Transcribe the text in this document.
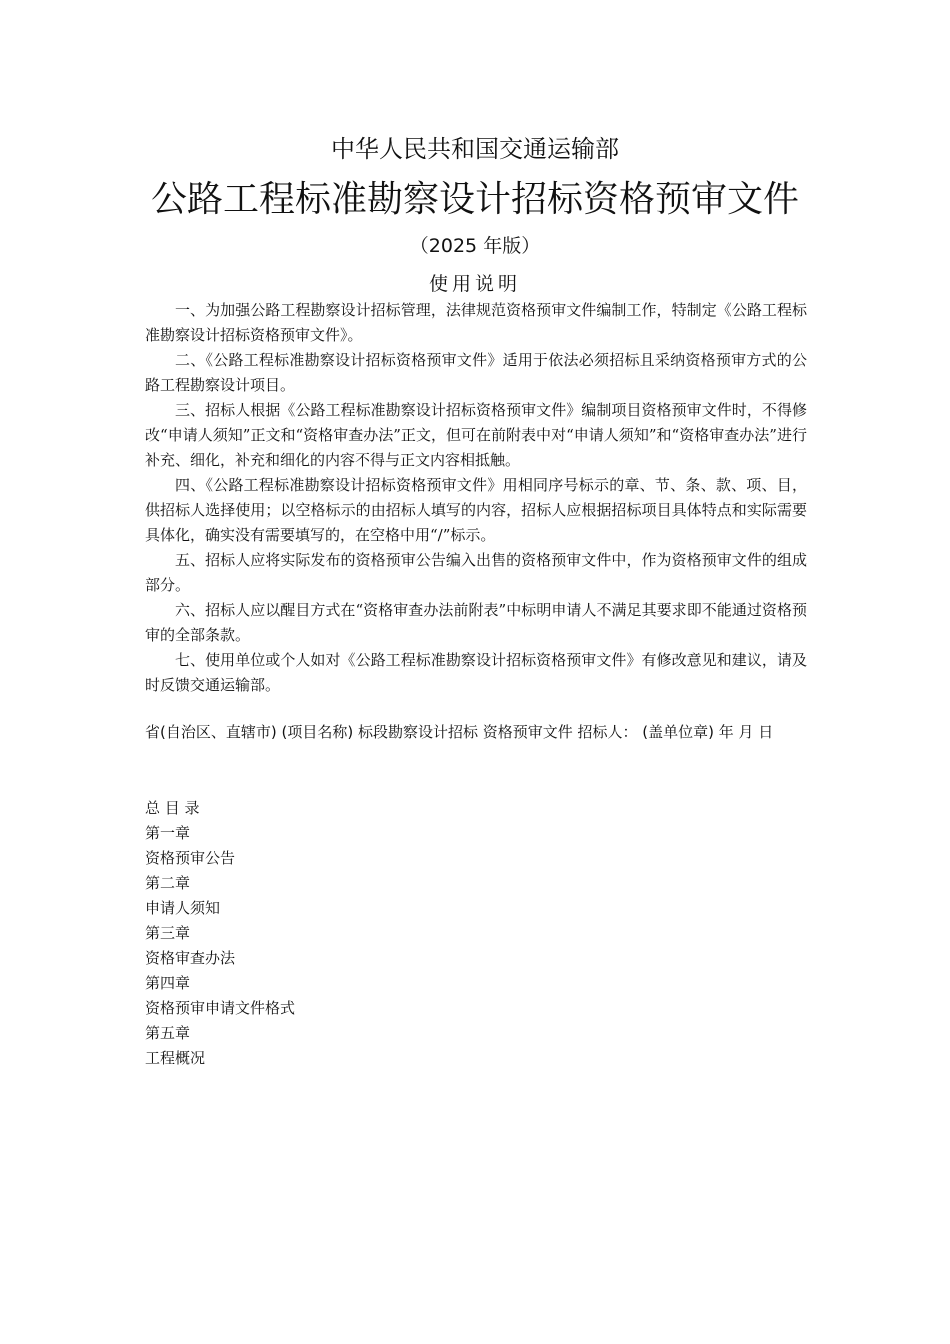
中华人民共和国交通运输部
公路工程标准勘察设计招标资格预审文件
（2025 年版）
使用说明

一、为加强公路工程勘察设计招标管理，法律规范资格预审文件编制工作，特制定《公路工程标准勘察设计招标资格预审文件》。

二、《公路工程标准勘察设计招标资格预审文件》适用于依法必须招标且采纳资格预审方式的公路工程勘察设计项目。

三、招标人根据《公路工程标准勘察设计招标资格预审文件》编制项目资格预审文件时，不得修改“申请人须知”正文和“资格审查办法”正文，但可在前附表中对“申请人须知”和“资格审查办法”进行补充、细化，补充和细化的内容不得与正文内容相抵触。

四、《公路工程标准勘察设计招标资格预审文件》用相同序号标示的章、节、条、款、项、目，供招标人选择使用；以空格标示的由招标人填写的内容，招标人应根据招标项目具体特点和实际需要具体化，确实没有需要填写的，在空格中用“/”标示。

五、招标人应将实际发布的资格预审公告编入出售的资格预审文件中，作为资格预审文件的组成部分。

六、招标人应以醒目方式在“资格审查办法前附表”中标明申请人不满足其要求即不能通过资格预审的全部条款。

七、使用单位或个人如对《公路工程标准勘察设计招标资格预审文件》有修改意见和建议，请及时反馈交通运输部。

省(自治区、直辖市) (项目名称) 标段勘察设计招标 资格预审文件 招标人： (盖单位章) 年 月 日
总 目 录
第一章
资格预审公告
第二章
申请人须知
第三章
资格审查办法
第四章
资格预审申请文件格式
第五章
工程概况
